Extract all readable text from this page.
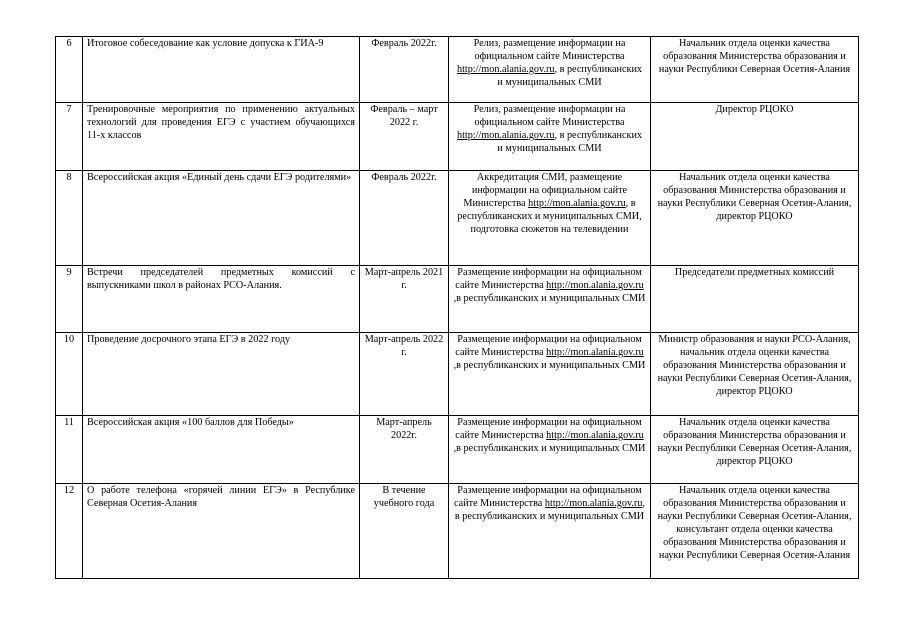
6	Итоговое собеседование как условие допуска к ГИА-9	Февраль 2022г.	Релиз, размещение информации на официальном сайте Министерства http://mon.alania.gov.ru, в республиканских и муниципальных СМИ	Начальник отдела оценки качества образования Министерства образования и науки Республики Северная Осетия-Алания
7	Тренировочные мероприятия по применению актуальных технологий для проведения ЕГЭ с участием обучающихся 11-х классов	Февраль – март 2022 г.	Релиз, размещение информации на официальном сайте Министерства http://mon.alania.gov.ru, в республиканских и муниципальных СМИ	Директор РЦОКО
8	Всероссийская акция «Единый день сдачи ЕГЭ родителями»	Февраль 2022г.	Аккредитация СМИ, размещение информации на официальном сайте Министерства http://mon.alania.gov.ru, в республиканских и муниципальных СМИ, подготовка сюжетов на телевидении	Начальник отдела оценки качества образования Министерства образования и науки Республики Северная Осетия-Алания, директор РЦОКО
9	Встречи председателей предметных комиссий с выпускниками школ в районах РСО-Алания.	Март-апрель 2021 г.	Размещение информации на официальном сайте Министерства http://mon.alania.gov.ru ,в республиканских и муниципальных СМИ	Председатели предметных комиссий
10	Проведение досрочного этапа ЕГЭ в 2022 году	Март-апрель 2022 г.	Размещение информации на официальном сайте Министерства http://mon.alania.gov.ru ,в республиканских и муниципальных СМИ	Министр образования и науки РСО-Алания, начальник отдела оценки качества образования Министерства образования и науки Республики Северная Осетия-Алания, директор РЦОКО
11	Всероссийская акция «100 баллов для Победы»	Март-апрель 2022г.	Размещение информации на официальном сайте Министерства http://mon.alania.gov.ru ,в республиканских и муниципальных СМИ	Начальник отдела оценки качества образования Министерства образования и науки Республики Северная Осетия-Алания, директор РЦОКО
12	О работе телефона «горячей линии ЕГЭ» в Республике Северная Осетия-Алания	В течение учебного года	Размещение информации на официальном сайте Министерства http://mon.alania.gov.ru, в республиканских и муниципальных СМИ	Начальник отдела оценки качества образования Министерства образования и науки Республики Северная Осетия-Алания, консультант отдела оценки качества образования Министерства образования и науки Республики Северная Осетия-Алания
